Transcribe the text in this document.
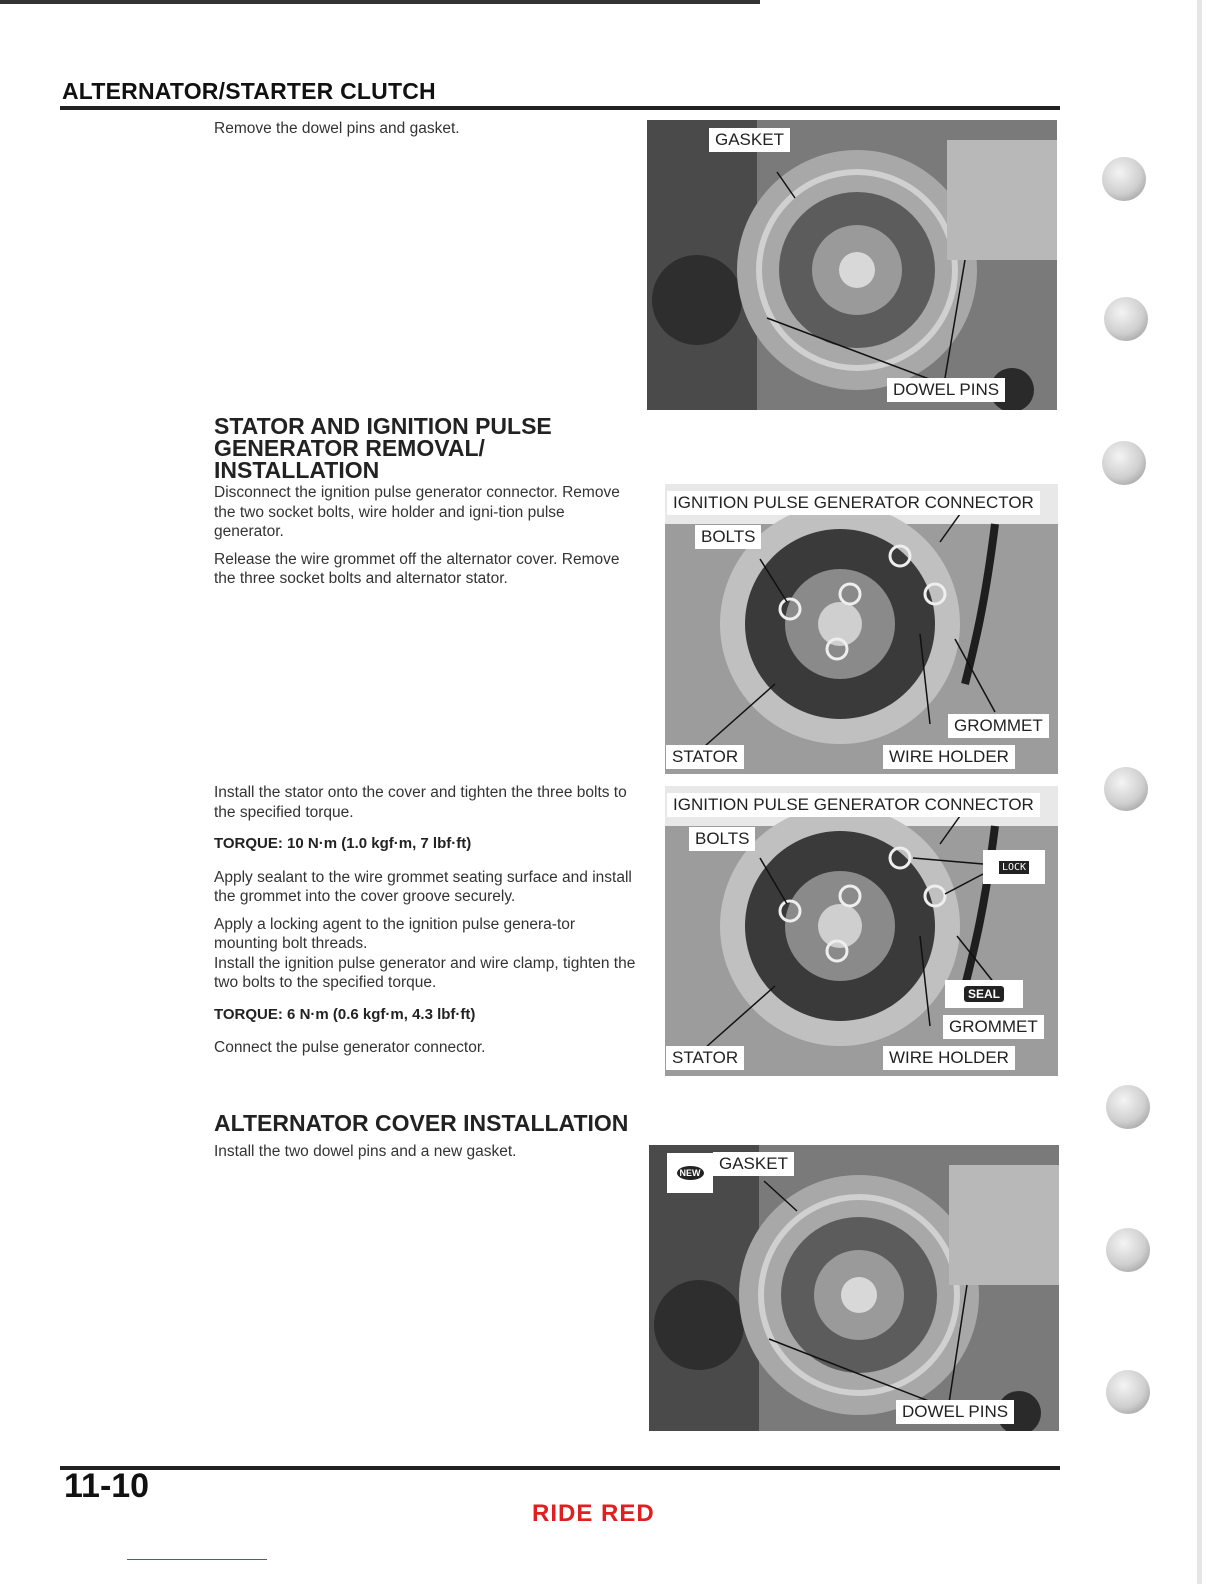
ALTERNATOR/STARTER CLUTCH

Remove the dowel pins and gasket.

STATOR AND IGNITION PULSE
GENERATOR REMOVAL/
INSTALLATION

Disconnect the ignition pulse generator connector. Remove the two socket bolts, wire holder and igni-tion pulse generator.

Release the wire grommet off the alternator cover. Remove the three socket bolts and alternator stator.

Install the stator onto the cover and tighten the three bolts to the specified torque.

TORQUE: 10 N·m (1.0 kgf·m, 7 lbf·ft)

Apply sealant to the wire grommet seating surface and install the grommet into the cover groove securely.

Apply a locking agent to the ignition pulse genera-tor mounting bolt threads.

Install the ignition pulse generator and wire clamp, tighten the two bolts to the specified torque.

TORQUE: 6 N·m (0.6 kgf·m, 4.3 lbf·ft)

Connect the pulse generator connector.

ALTERNATOR COVER INSTALLATION

Install the two dowel pins and a new gasket.

GASKET
DOWEL PINS
IGNITION PULSE GENERATOR CONNECTOR
BOLTS
GROMMET
STATOR	WIRE HOLDER
IGNITION PULSE GENERATOR CONNECTOR
BOLTS
LOCK
SEAL
GROMMET
STATOR	WIRE HOLDER
NEW	GASKET
DOWEL PINS
11-10
RIDE RED
